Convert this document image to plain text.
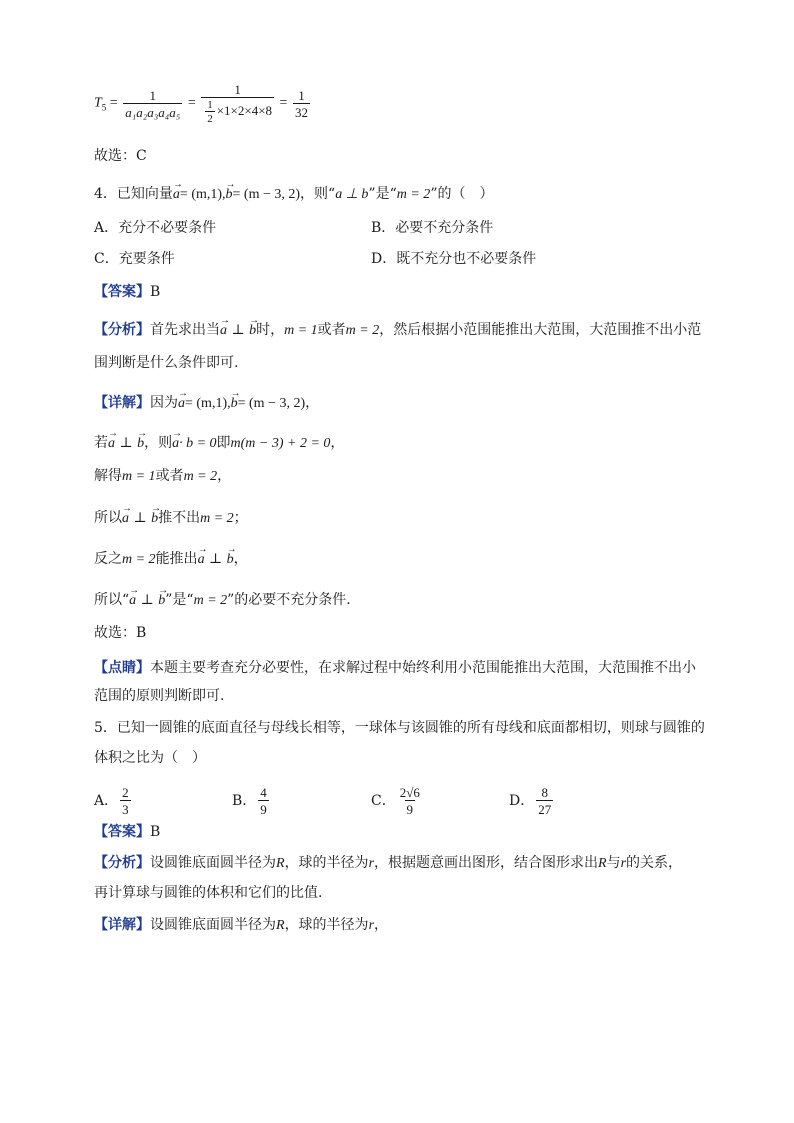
$T_5 = \frac{1}{\text{a₁a₂a₃a₄a₅}} = \frac{1}{\frac{1}{2} \times 1\times 2\times 4\times 8} = \frac{1}{32}$
故选：C
4．已知向量→ a= (m,1),→ b= (m − 3, 2)，则“a ⊥ b”是“m = 2”的（　）
A．充分不必要条件	B．必要不充分条件
C．充要条件	D．既不充分也不必要条件
【答案】B
【分析】首先求出当→ a ⊥ → b时，m = 1或者m = 2，然后根据小范围能推出大范围，大范围推不出小范
围判断是什么条件即可.
【详解】因为→ a= (m,1),→ b= (m − 3, 2)，
若→ a ⊥ → b，则→ a· b = 0即m(m − 3) + 2 = 0，
解得m = 1或者m = 2，
所以→ a ⊥ → b推不出m = 2；
反之m = 2能推出→ a ⊥ → b，
所以“→ a ⊥ → b”是“m = 2”的必要不充分条件.
故选：B
【点睛】本题主要考查充分必要性，在求解过程中始终利用小范围能推出大范围，大范围推不出小
范围的原则判断即可.
5．已知一圆锥的底面直径与母线长相等，一球体与该圆锥的所有母线和底面都相切，则球与圆锥的
体积之比为（　）
A． $\frac{2}{3}$	B． $\frac{4}{9}$	C． $\frac{2√6}{9}$	D． $\frac{8}{27}$
【答案】B
【分析】设圆锥底面圆半径为R，球的半径为r，根据题意画出图形，结合图形求出R与r的关系，
再计算球与圆锥的体积和它们的比值.
【详解】设圆锥底面圆半径为R，球的半径为r，
